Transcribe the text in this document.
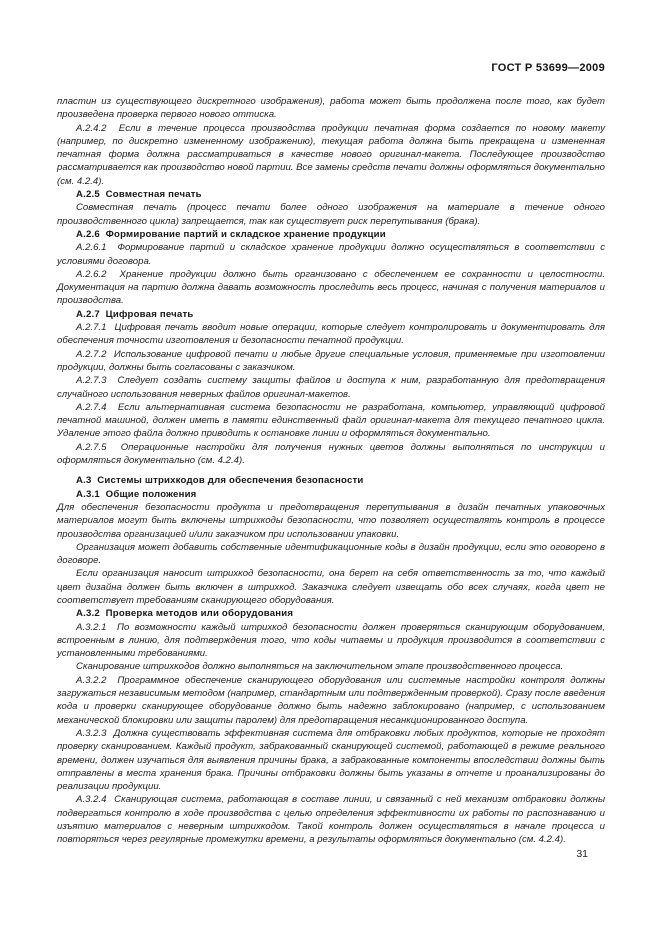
ГОСТ Р 53699—2009

пластин из существующего дискретного изображения), работа может быть продолжена после того, как будет произведена проверка первого нового оттиска.

А.2.4.2  Если в течение процесса производства продукции печатная форма создается по новому макету (например, по дискретно измененному изображению), текущая работа должна быть прекращена и измененная печатная форма должна рассматриваться в качестве нового оригинал-макета. Последующее производство рассматривается как производство новой партии. Все замены средств печати должны оформляться документально (см. 4.2.4).

А.2.5  Совместная печать

Совместная печать (процесс печати более одного изображения на материале в течение одного производственного цикла) запрещается, так как существует риск перепутывания (брака).

А.2.6  Формирование партий и складское хранение продукции

А.2.6.1  Формирование партий и складское хранение продукции должно осуществляться в соответствии с условиями договора.

А.2.6.2  Хранение продукции должно быть организовано с обеспечением ее сохранности и целостности. Документация на партию должна давать возможность проследить весь процесс, начиная с получения материалов и производства.

А.2.7  Цифровая печать

А.2.7.1  Цифровая печать вводит новые операции, которые следует контролировать и документировать для обеспечения точности изготовления и безопасности печатной продукции.

А.2.7.2  Использование цифровой печати и любые другие специальные условия, применяемые при изготовлении продукции, должны быть согласованы с заказчиком.

А.2.7.3  Следует создать систему защиты файлов и доступа к ним, разработанную для предотвращения случайного использования неверных файлов оригинал-макетов.

А.2.7.4  Если альтернативная система безопасности не разработана, компьютер, управляющий цифровой печатной машиной, должен иметь в памяти единственный файл оригинал-макета для текущего печатного цикла. Удаление этого файла должно приводить к остановке линии и оформляться документально.

А.2.7.5  Операционные настройки для получения нужных цветов должны выполняться по инструкции и оформляться документально (см. 4.2.4).

А.3  Системы штрихкодов для обеспечения безопасности

А.3.1  Общие положения

Для обеспечения безопасности продукта и предотвращения перепутывания в дизайн печатных упаковочных материалов могут быть включены штрихкоды безопасности, что позволяет осуществлять контроль в процессе производства организацией и/или заказчиком при использовании упаковки.

Организация может добавить собственные идентификационные коды в дизайн продукции, если это оговорено в договоре.

Если организация наносит штрихкод безопасности, она берет на себя ответственность за то, что каждый цвет дизайна должен быть включен в штрихкод. Заказчика следует извещать обо всех случаях, когда цвет не соответствует требованиям сканирующего оборудования.

А.3.2  Проверка методов или оборудования

А.3.2.1  По возможности каждый штрихкод безопасности должен проверяться сканирующим оборудованием, встроенным в линию, для подтверждения того, что коды читаемы и продукция производится в соответствии с установленными требованиями.

Сканирование штрихкодов должно выполняться на заключительном этапе производственного процесса.

А.3.2.2  Программное обеспечение сканирующего оборудования или системные настройки контроля должны загружаться независимым методом (например, стандартным или подтвержденным проверкой). Сразу после введения кода и проверки сканирующее оборудование должно быть надежно заблокировано (например, с использованием механической блокировки или защиты паролем) для предотвращения несанкционированного доступа.

А.3.2.3  Должна существовать эффективная система для отбраковки любых продуктов, которые не проходят проверку сканированием. Каждый продукт, забракованный сканирующей системой, работающей в режиме реального времени, должен изучаться для выявления причины брака, а забракованные компоненты впоследствии должны быть отправлены в места хранения брака. Причины отбраковки должны быть указаны в отчете и проанализированы до реализации продукции.

А.3.2.4  Сканирующая система, работающая в составе линии, и связанный с ней механизм отбраковки должны подвергаться контролю в ходе производства с целью определения эффективности их работы по распознаванию и изъятию материалов с неверным штрихкодом. Такой контроль должен осуществляться в начале процесса и повторяться через регулярные промежутки времени, а результаты оформляться документально (см. 4.2.4).

31
